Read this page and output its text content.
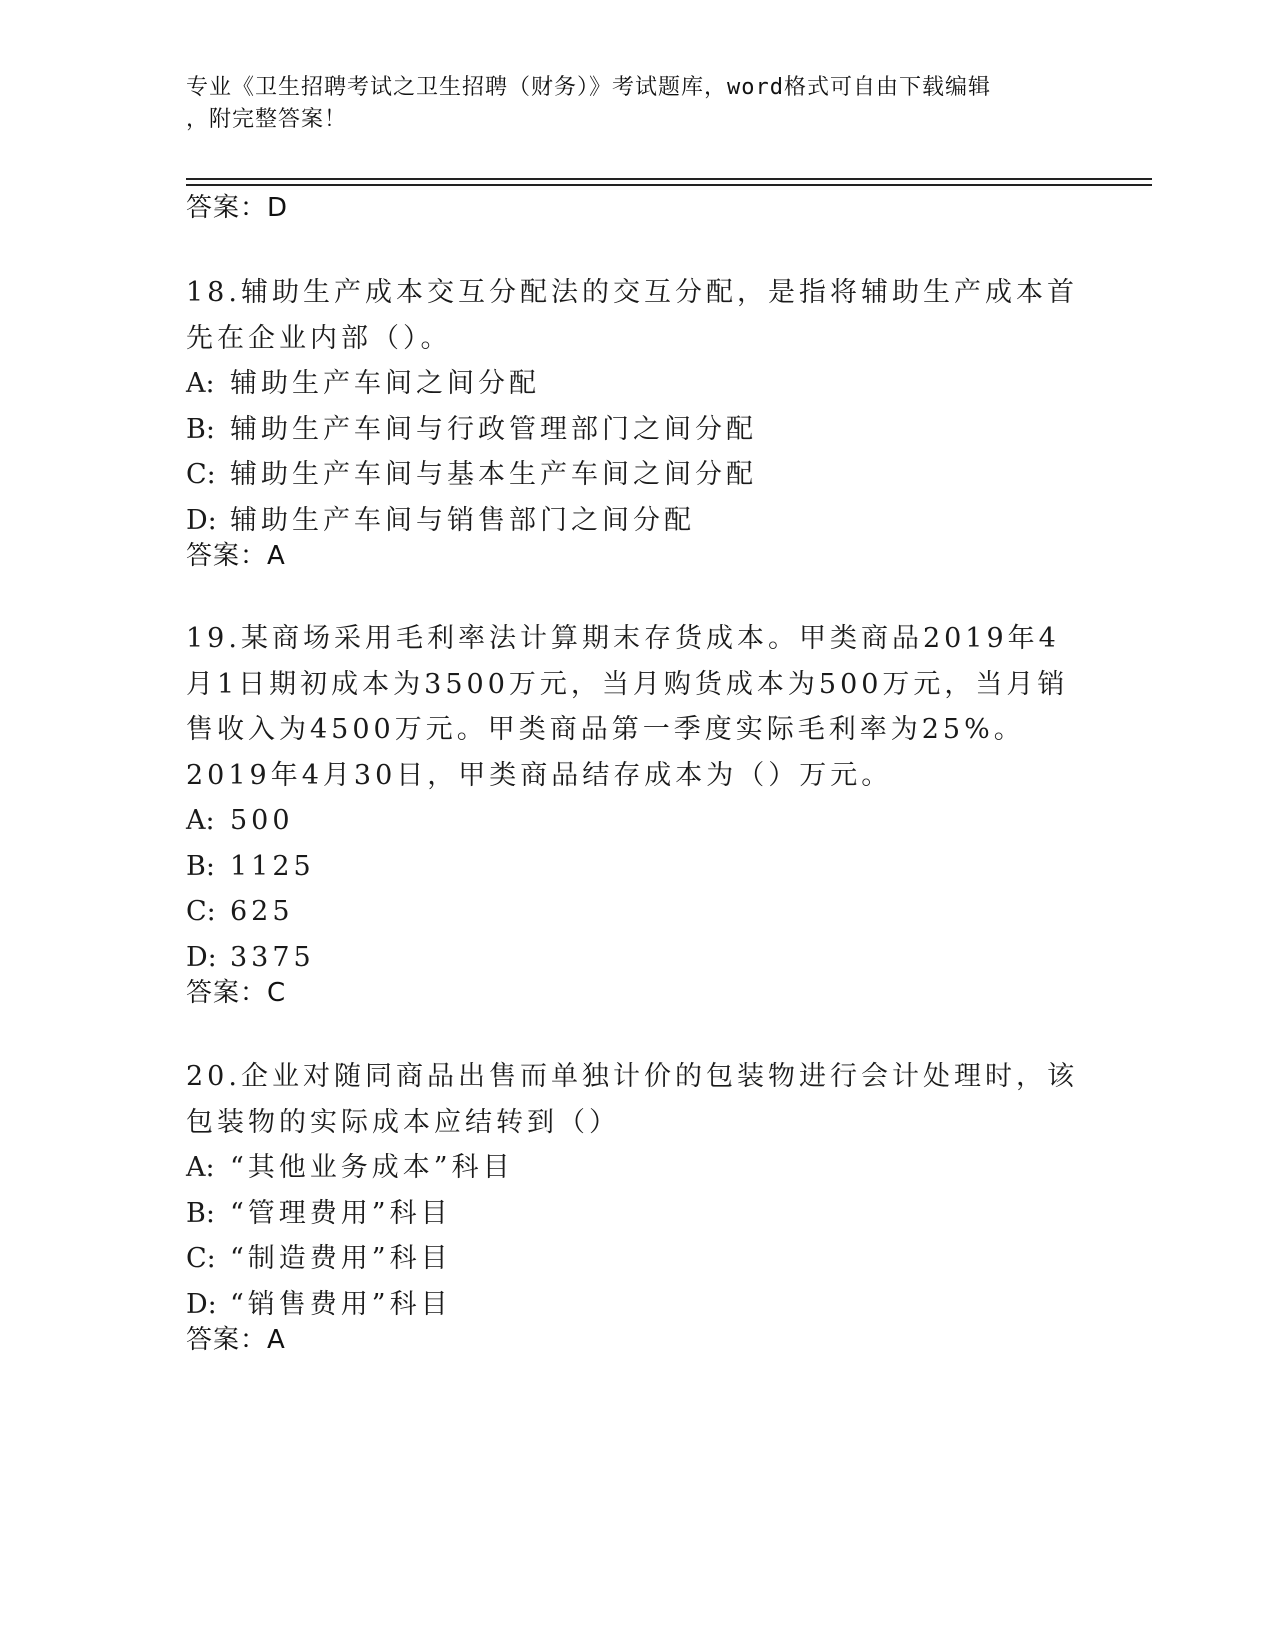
专业《卫生招聘考试之卫生招聘（财务）》考试题库，word格式可自由下载编辑
，附完整答案！
答案：D
18.辅助生产成本交互分配法的交互分配，是指将辅助生产成本首先在企业内部（）。
A: 辅助生产车间之间分配
B: 辅助生产车间与行政管理部门之间分配
C: 辅助生产车间与基本生产车间之间分配
D: 辅助生产车间与销售部门之间分配
答案：A
19.某商场采用毛利率法计算期末存货成本。甲类商品2019年4月1日期初成本为3500万元，当月购货成本为500万元，当月销售收入为4500万元。甲类商品第一季度实际毛利率为25%。2019年4月30日，甲类商品结存成本为（）万元。
A: 500
B: 1125
C: 625
D: 3375
答案：C
20.企业对随同商品出售而单独计价的包装物进行会计处理时，该包装物的实际成本应结转到（）
A: “其他业务成本”科目
B: “管理费用”科目
C: “制造费用”科目
D: “销售费用”科目
答案：A
